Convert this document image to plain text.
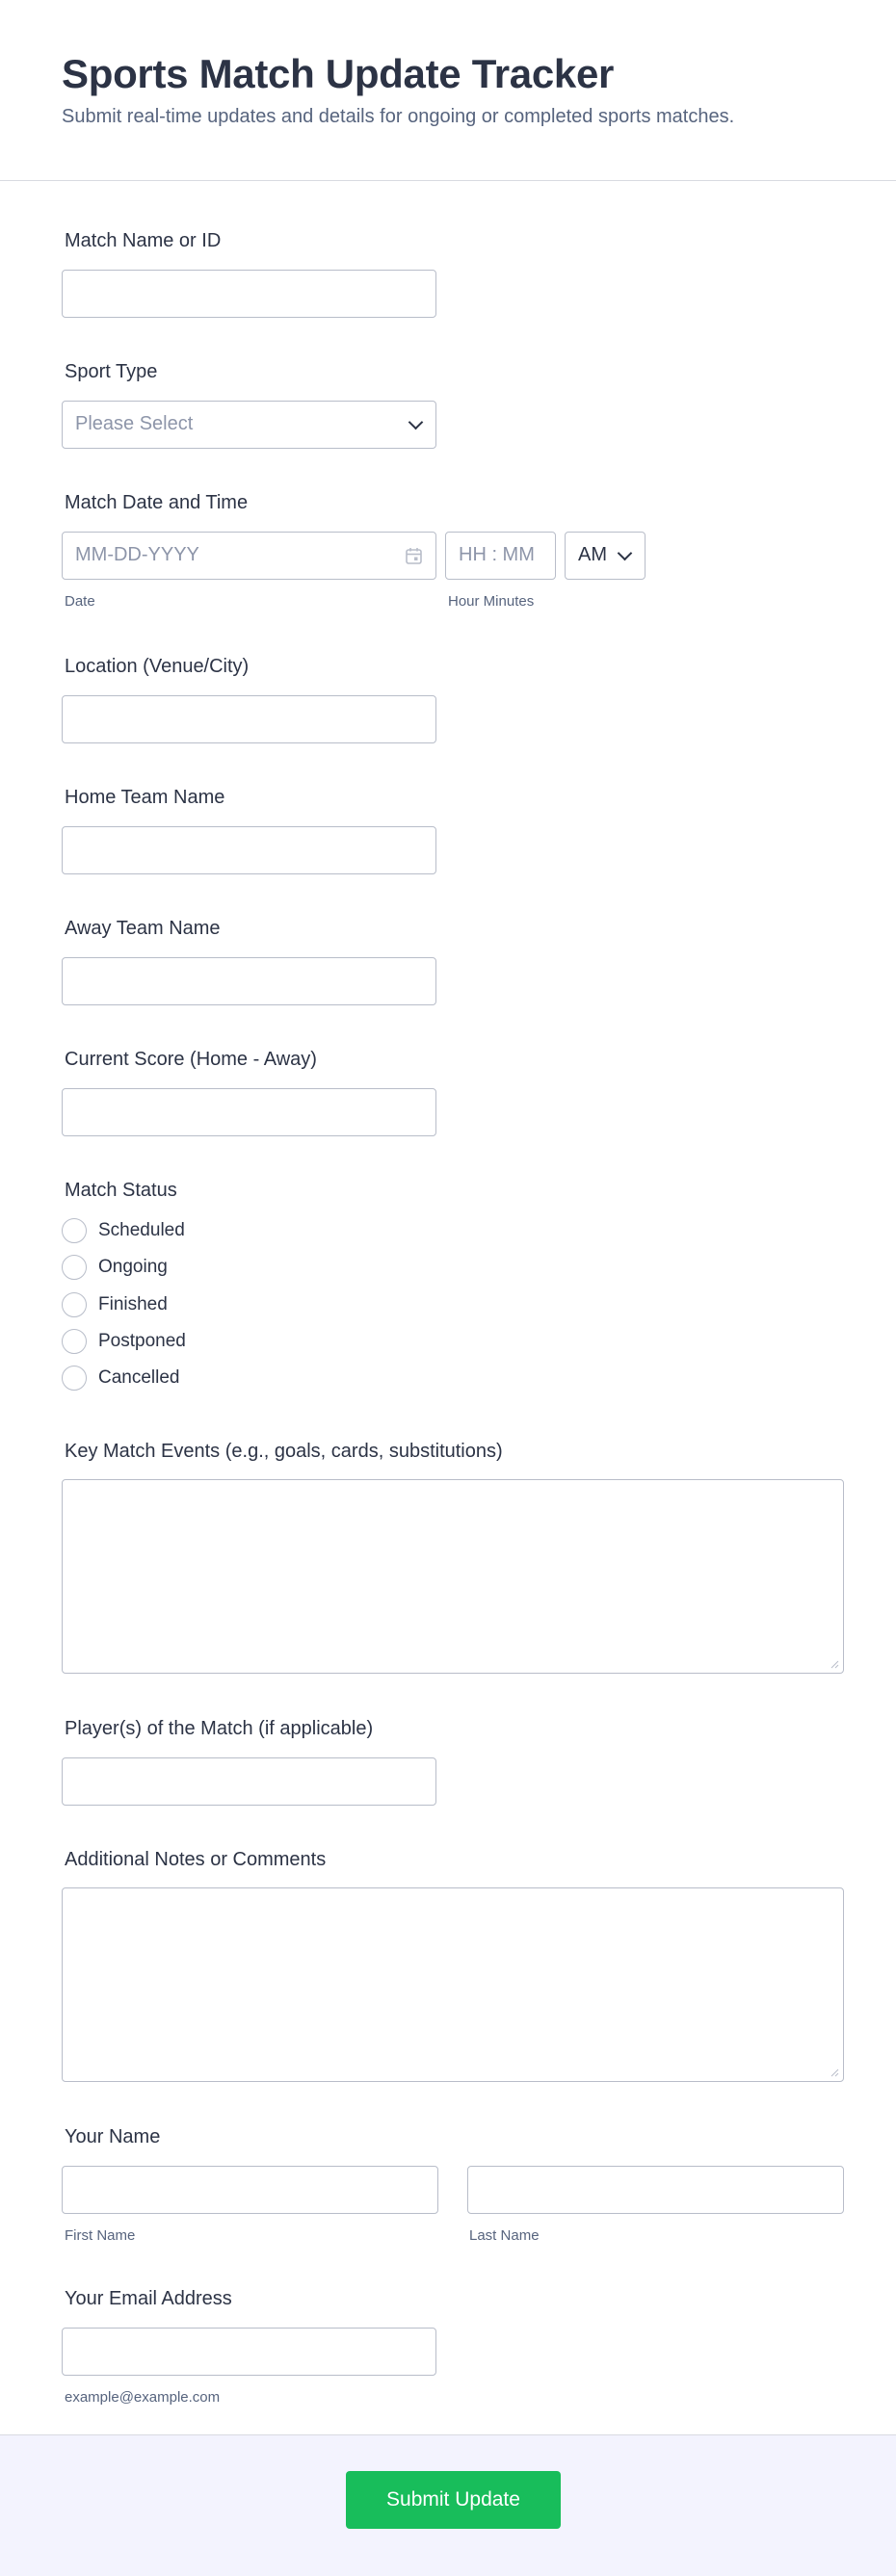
Sports Match Update Tracker
Submit real-time updates and details for ongoing or completed sports matches.
Match Name or ID
Sport Type
Please Select
Match Date and Time
MM-DD-YYYY
Date
HH : MM
Hour Minutes
AM
Location (Venue/City)
Home Team Name
Away Team Name
Current Score (Home - Away)
Match Status
Scheduled
Ongoing
Finished
Postponed
Cancelled
Key Match Events (e.g., goals, cards, substitutions)
Player(s) of the Match (if applicable)
Additional Notes or Comments
Your Name
First Name	Last Name
Your Email Address
example@example.com
Submit Update
